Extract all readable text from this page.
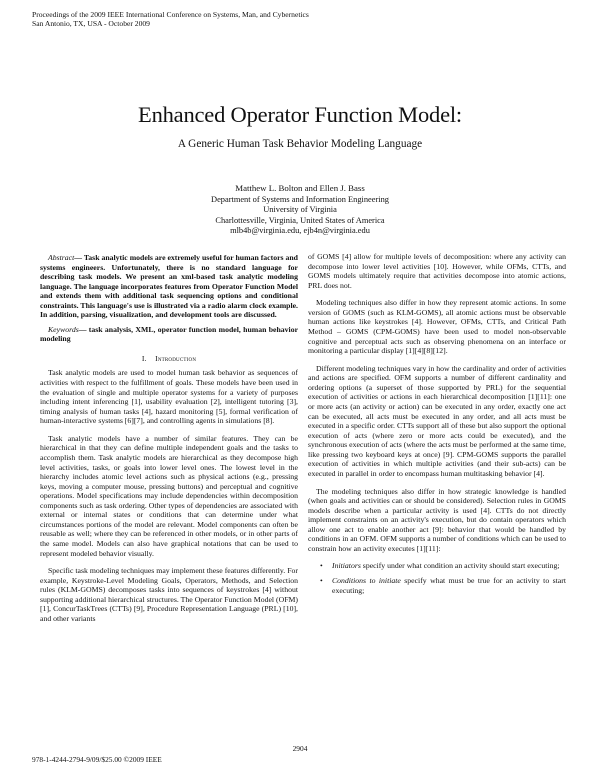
Proceedings of the 2009 IEEE International Conference on Systems, Man, and Cybernetics
San Antonio, TX, USA - October 2009
Enhanced Operator Function Model:
A Generic Human Task Behavior Modeling Language
Matthew L. Bolton and Ellen J. Bass
Department of Systems and Information Engineering
University of Virginia
Charlottesville, Virginia, United States of America
mlb4b@virginia.edu, ejb4n@virginia.edu

Abstract— Task analytic models are extremely useful for human factors and systems engineers. Unfortunately, there is no standard language for describing task models. We present an xml-based task analytic modeling language. The language incorporates features from Operator Function Model and extends them with additional task sequencing options and conditional constraints. This language's use is illustrated via a radio alarm clock example. In addition, parsing, visualization, and development tools are discussed.

Keywords— task analysis, XML, operator function model, human behavior modeling

I. Introduction

Task analytic models are used to model human task behavior as sequences of activities with respect to the fulfillment of goals. These models have been used in the evaluation of single and multiple operator systems for a variety of purposes including intent inferencing [1], usability evaluation [2], intelligent tutoring [3], timing analysis of human tasks [4], hazard monitoring [5], formal verification of human-interactive systems [6][7], and controlling agents in simulations [8].

Task analytic models have a number of similar features. They can be hierarchical in that they can define multiple independent goals and the tasks to accomplish them. Task analytic models are hierarchical as they decompose high level activities, tasks, or goals into lower level ones. The lowest level in the hierarchy includes atomic level actions such as physical actions (e.g., pressing keys, moving a computer mouse, pressing buttons) and perceptual and cognitive operations. Model specifications may include dependencies within decomposition components such as task ordering. Other types of dependencies are associated with external or internal states or conditions that can determine under what circumstances portions of the model are relevant. Model components can often be reusable as well; where they can be referenced in other models, or in other parts of the same model. Models can also have graphical notations that can be used to represent modeled behavior visually.

Specific task modeling techniques may implement these features differently. For example, Keystroke-Level Modeling Goals, Operators, Methods, and Selection rules (KLM-GOMS) decomposes tasks into sequences of keystrokes [4] without supporting additional hierarchical structures. The Operator Function Model (OFM) [1], ConcurTaskTrees (CTTs) [9], Procedure Representation Language (PRL) [10], and other variants

of GOMS [4] allow for multiple levels of decomposition: where any activity can decompose into lower level activities [10]. However, while OFMs, CTTs, and GOMS models ultimately require that activities decompose into atomic actions, PRL does not.

Modeling techniques also differ in how they represent atomic actions. In some version of GOMS (such as KLM-GOMS), all atomic actions must be observable human actions like keystrokes [4]. However, OFMs, CTTs, and Critical Path Method – GOMS (CPM-GOMS) have been used to model non-observable cognitive and perceptual acts such as observing phenomena on an interface or monitoring a particular display [1][4][8][12].

Different modeling techniques vary in how the cardinality and order of activities and actions are specified. OFM supports a number of different cardinality and ordering options (a superset of those supported by PRL) for the sequential execution of activities or actions in each hierarchical decomposition [1][11]: one or more acts (an activity or action) can be executed in any order, exactly one act can be executed, all acts must be executed in any order, and all acts must be executed in a specific order. CTTs support all of these but also support the optional execution of acts (where zero or more acts could be executed), and the synchronous execution of acts (where the acts must be performed at the same time, like pressing two keyboard keys at once) [9]. CPM-GOMS supports the parallel execution of activities in which multiple activities (and their sub-acts) can be executed in parallel in order to encompass human multitasking behavior [4].

The modeling techniques also differ in how strategic knowledge is handled (when goals and activities can or should be considered). Selection rules in GOMS models describe when a particular activity is used [4]. CTTs do not directly implement constraints on an activity's execution, but do contain operators which allow one act to enable another act [9]: behavior that would be handled by conditions in an OFM. OFM supports a number of conditions which can be used to constrain how an activity executes [1][11]:

• Initiators specify under what condition an activity should start executing;
• Conditions to initiate specify what must be true for an activity to start executing;
2904
978-1-4244-2794-9/09/$25.00 ©2009 IEEE
